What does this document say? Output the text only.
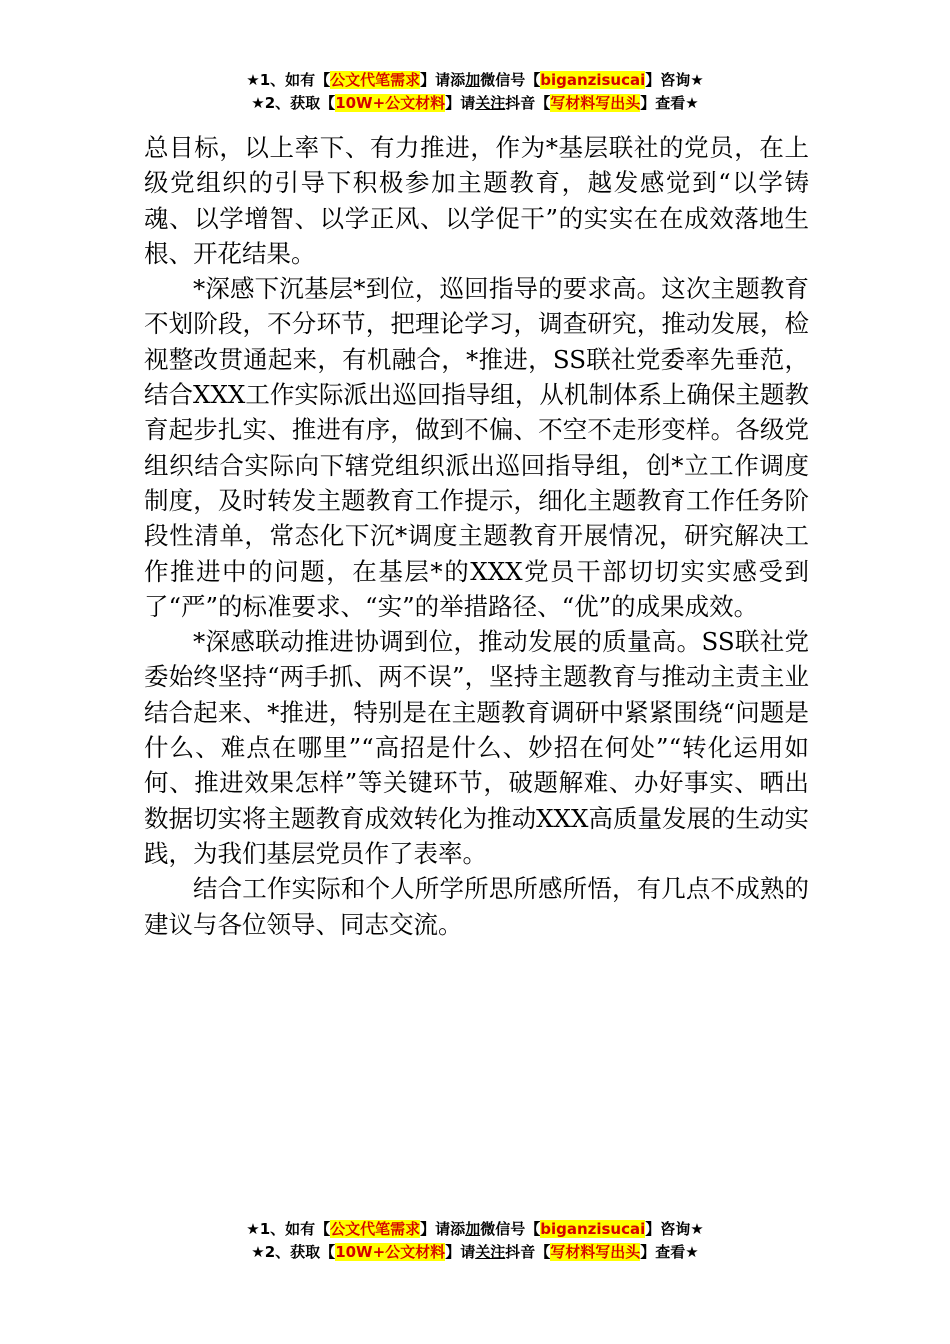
★1、如有【公文代笔需求】请添加微信号【biganzisucai】咨询★
★2、获取【10W+公文材料】请关注抖音【写材料写出头】查看★

总目标，以上率下、有力推进，作为*基层联社的党员，在上级党组织的引导下积极参加主题教育，越发感觉到“以学铸魂、以学增智、以学正风、以学促干”的实实在在成效落地生根、开花结果。

*深感下沉基层*到位，巡回指导的要求高。这次主题教育不划阶段，不分环节，把理论学习，调查研究，推动发展，检视整改贯通起来，有机融合，*推进，SS联社党委率先垂范，结合XXX工作实际派出巡回指导组，从机制体系上确保主题教育起步扎实、推进有序，做到不偏、不空不走形变样。各级党组织结合实际向下辖党组织派出巡回指导组，创*立工作调度制度，及时转发主题教育工作提示，细化主题教育工作任务阶段性清单，常态化下沉*调度主题教育开展情况，研究解决工作推进中的问题，在基层*的XXX党员干部切切实实感受到了“严”的标准要求、“实”的举措路径、“优”的成果成效。

*深感联动推进协调到位，推动发展的质量高。SS联社党委始终坚持“两手抓、两不误”，坚持主题教育与推动主责主业结合起来、*推进，特别是在主题教育调研中紧紧围绕“问题是什么、难点在哪里”“高招是什么、妙招在何处”“转化运用如何、推进效果怎样”等关键环节，破题解难、办好事实、晒出数据切实将主题教育成效转化为推动XXX高质量发展的生动实践，为我们基层党员作了表率。

结合工作实际和个人所学所思所感所悟，有几点不成熟的建议与各位领导、同志交流。

★1、如有【公文代笔需求】请添加微信号【biganzisucai】咨询★
★2、获取【10W+公文材料】请关注抖音【写材料写出头】查看★
